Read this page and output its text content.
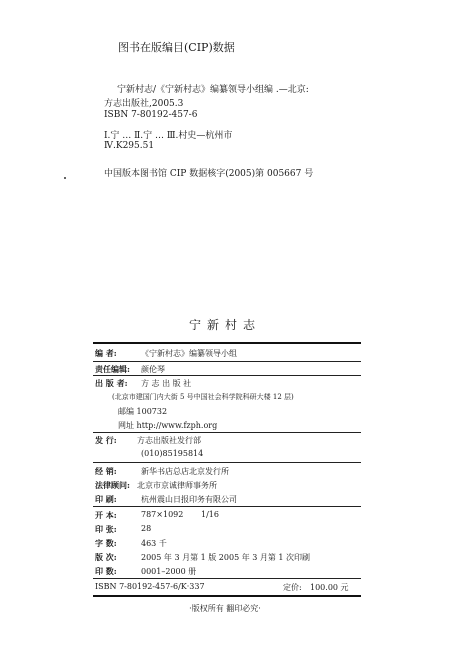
图书在版编目(CIP)数据
宁新村志/《宁新村志》编纂领导小组编 .—北京:
方志出版社,2005.3
ISBN 7-80192-457-6
Ⅰ.宁 … Ⅱ.宁 … Ⅲ.村史—杭州市
Ⅳ.K295.51
中国版本图书馆 CIP 数据核字(2005)第 005667 号
宁新村志
编 者:	《宁新村志》编纂领导小组
责任编辑: 颜伦琴
出 版 者: 方 志 出 版 社
(北京市建国门内大街 5 号中国社会科学院科研大楼 12 层)
邮编 100732
网址 http://www.fzph.org
发 行:	方志出版社发行部
(010)85195814
经 销:	新华书店总店北京发行所
法律顾问: 北京市京诚律师事务所
印 刷:	杭州震山日报印务有限公司
开 本:	787×1092 1/16
印 张:	28
字 数:	463 千
版 次:	2005 年 3 月第 1 版 2005 年 3 月第 1 次印刷
印 数:	0001–2000 册
ISBN 7-80192-457-6/K·337	定价: 100.00 元
·版权所有 翻印必究·
